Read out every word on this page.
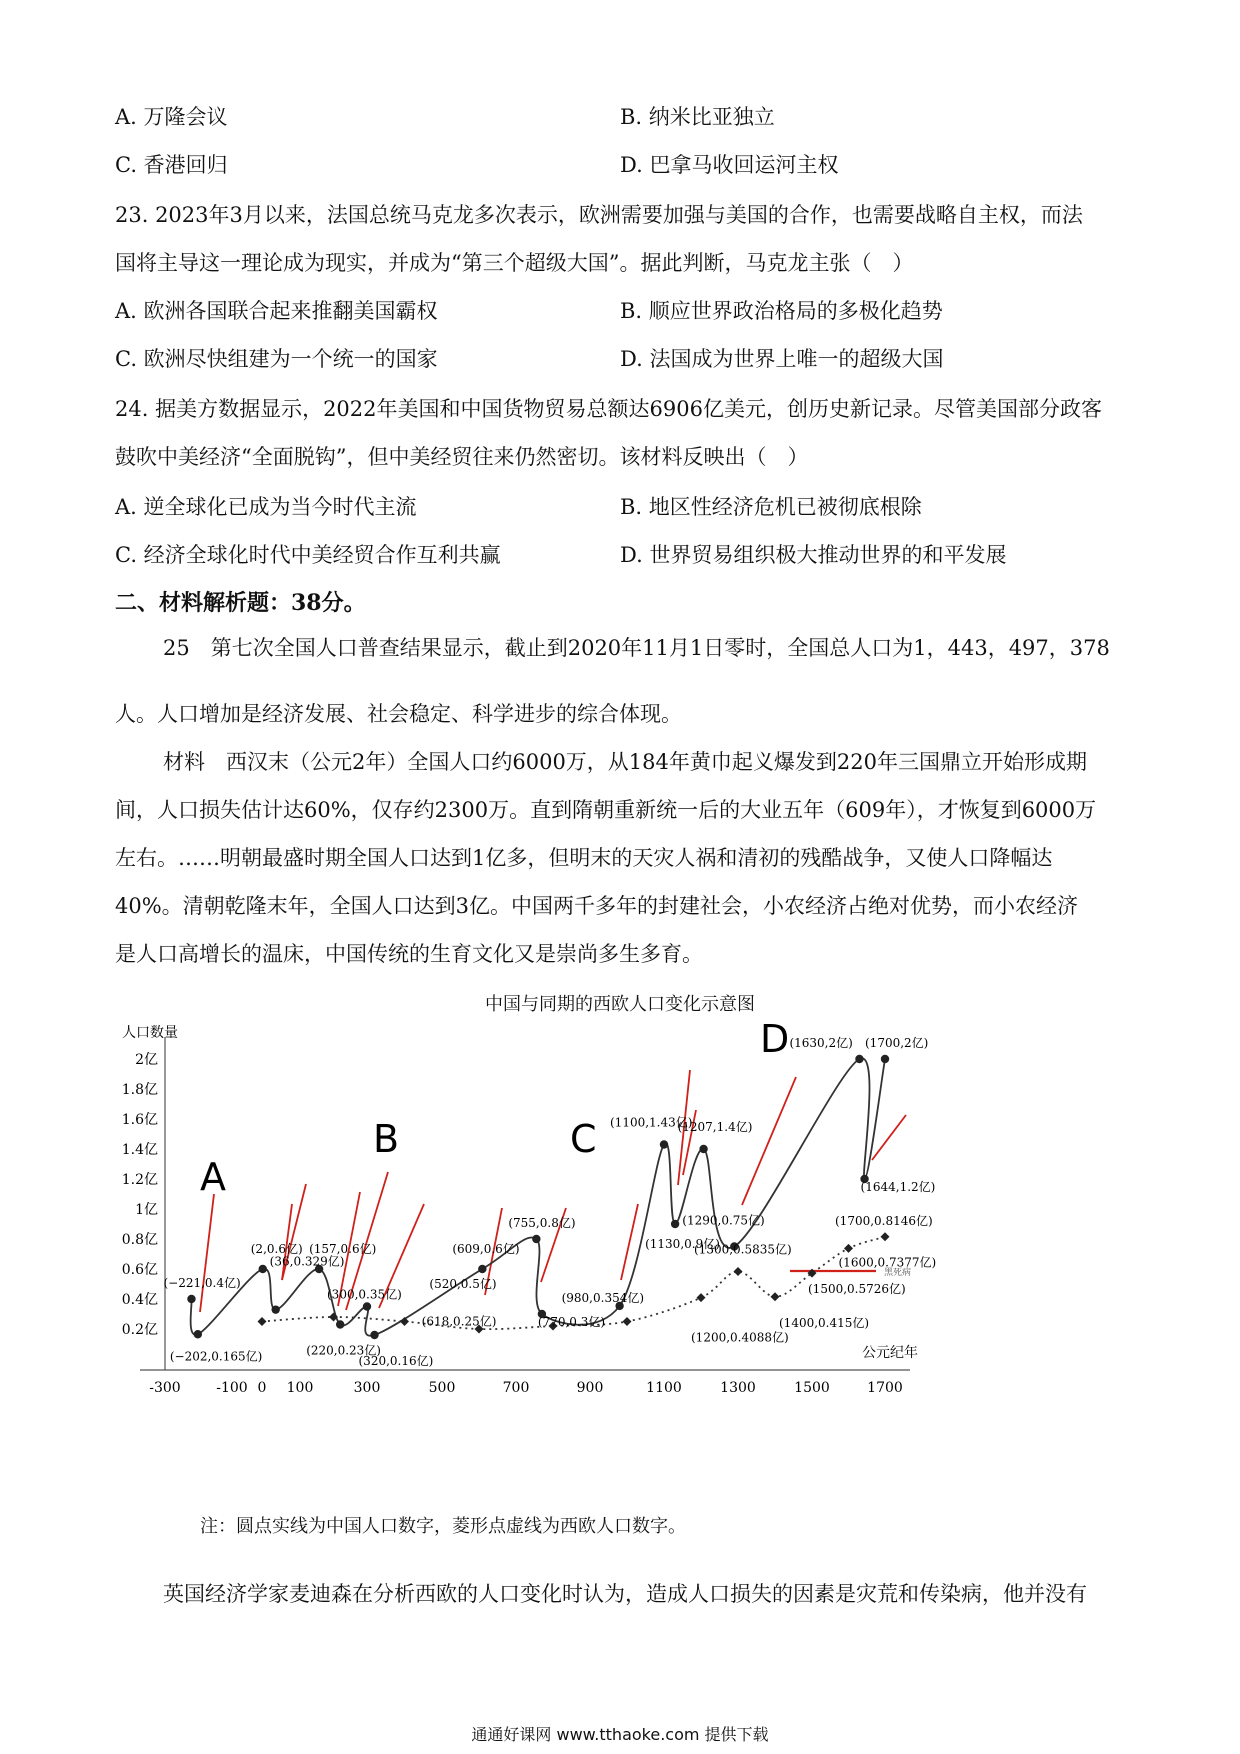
A. 万隆会议	B. 纳米比亚独立
C. 香港回归	D. 巴拿马收回运河主权
23. 2023年3月以来，法国总统马克龙多次表示，欧洲需要加强与美国的合作，也需要战略自主权，而法
国将主导这一理论成为现实，并成为“第三个超级大国”。据此判断，马克龙主张（　）
A. 欧洲各国联合起来推翻美国霸权	B. 顺应世界政治格局的多极化趋势
C. 欧洲尽快组建为一个统一的国家	D. 法国成为世界上唯一的超级大国
24. 据美方数据显示，2022年美国和中国货物贸易总额达6906亿美元，创历史新记录。尽管美国部分政客
鼓吹中美经济“全面脱钩”，但中美经贸往来仍然密切。该材料反映出（　）
A. 逆全球化已成为当今时代主流	B. 地区性经济危机已被彻底根除
C. 经济全球化时代中美经贸合作互利共赢	D. 世界贸易组织极大推动世界的和平发展
二、材料解析题：38分。
25　第七次全国人口普查结果显示，截止到2020年11月1日零时，全国总人口为1，443，497，378
人。人口增加是经济发展、社会稳定、科学进步的综合体现。
材料　西汉末（公元2年）全国人口约6000万，从184年黄巾起义爆发到220年三国鼎立开始形成期
间，人口损失估计达60%，仅存约2300万。直到隋朝重新统一后的大业五年（609年），才恢复到6000万
左右。……明朝最盛时期全国人口达到1亿多，但明末的天灾人祸和清初的残酷战争，又使人口降幅达
40%。清朝乾隆末年，全国人口达到3亿。中国两千多年的封建社会，小农经济占绝对优势，而小农经济
是人口高增长的温床，中国传统的生育文化又是崇尚多生多育。
中国与同期的西欧人口变化示意图
人口数量
0.2亿
0.4亿
0.6亿
0.8亿
1亿
1.2亿
1.4亿
1.6亿
1.8亿
2亿
-300	-100 0 100	300	500	700	900	1100	1300	1500	1700
公元纪年
A
B	C
D
黑死病
(−221,0.4亿)
(−202,0.165亿)
(2,0.6亿)
(36,0.329亿)
(157,0.6亿)
(220,0.23亿)
(300,0.35亿)
(320,0.16亿)
(609,0.6亿)
(755,0.8亿)
(770,0.3亿)
(980,0.354亿)
(1100,1.43亿)
(1130,0.9亿)
(1207,1.4亿)
(1290,0.75亿)
(1630,2亿)
(1644,1.2亿)
(1700,2亿)
(520,0.5亿)
(618,0.25亿)
(1200,0.4088亿)
(1300,0.5835亿)
(1400,0.415亿)
(1500,0.5726亿)
(1600,0.7377亿)
(1700,0.8146亿)
注：圆点实线为中国人口数字，菱形点虚线为西欧人口数字。
英国经济学家麦迪森在分析西欧的人口变化时认为，造成人口损失的因素是灾荒和传染病，他并没有
通通好课网 www.tthaoke.com 提供下载
